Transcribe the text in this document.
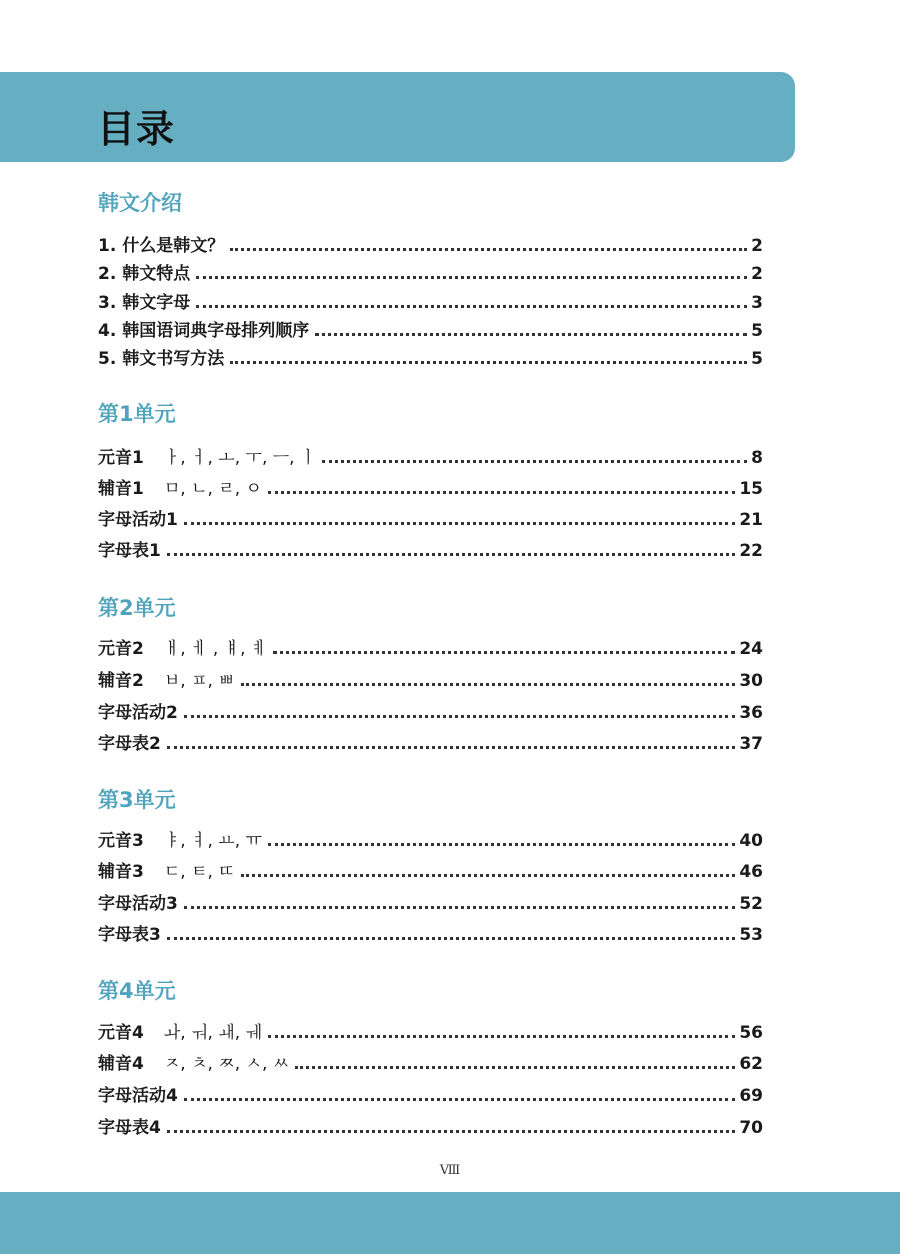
目录
韩文介绍
1. 什么是韩文？	2
2. 韩文特点	2
3. 韩文字母	3
4. 韩国语词典字母排列顺序	5
5. 韩文书写方法	5
第1单元
元音1 ㅏ, ㅓ, ㅗ, ㅜ, ㅡ, ㅣ	8
辅音1 ㅁ, ㄴ, ㄹ, ㅇ	15
字母活动1	21
字母表1	22
第2单元
元音2 ㅐ, ㅔ , ㅒ, ㅖ	24
辅音2 ㅂ, ㅍ, ㅃ	30
字母活动2	36
字母表2	37
第3单元
元音3 ㅑ, ㅕ, ㅛ, ㅠ	40
辅音3 ㄷ, ㅌ, ㄸ	46
字母活动3	52
字母表3	53
第4单元
元音4 ㅘ, ㅝ, ㅙ, ㅞ	56
辅音4 ㅈ, ㅊ, ㅉ, ㅅ, ㅆ	62
字母活动4	69
字母表4	70
Ⅷ
